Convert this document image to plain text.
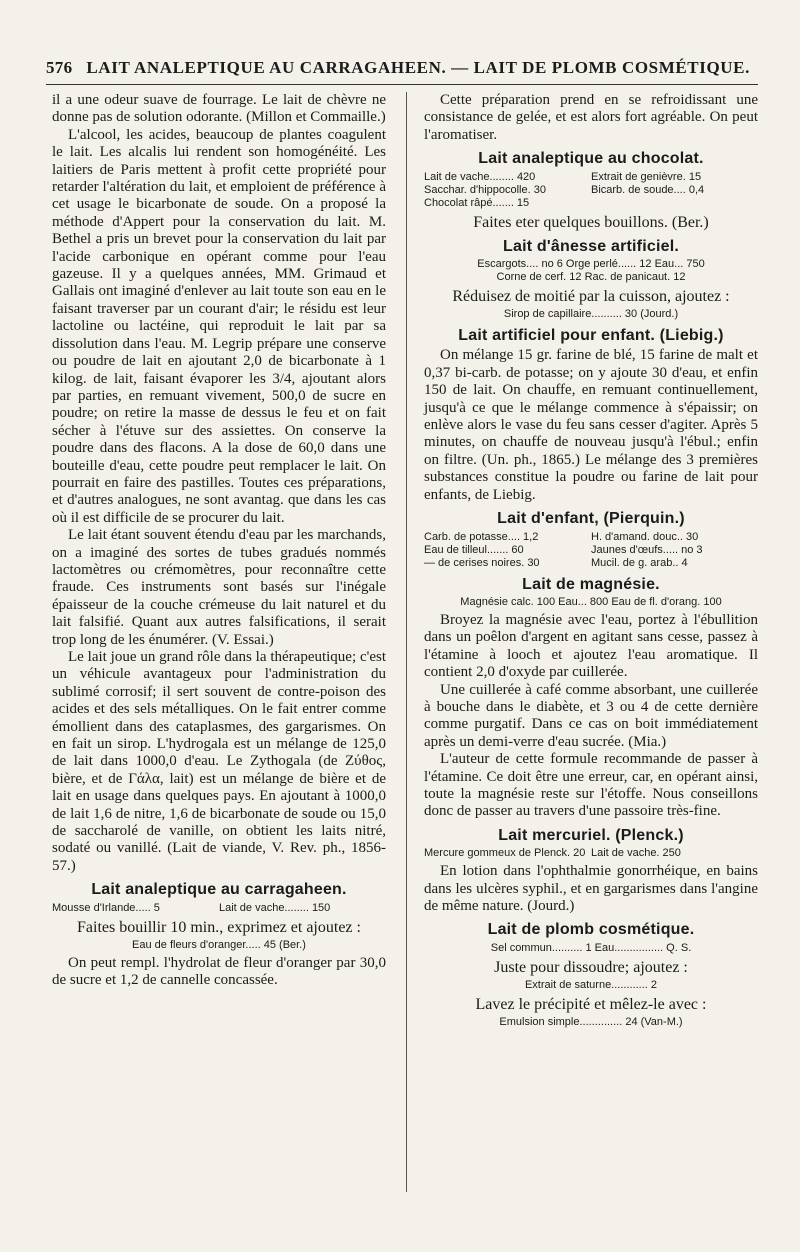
576 LAIT ANALEPTIQUE AU CARRAGAHEEN. — LAIT DE PLOMB COSMÉTIQUE.

il a une odeur suave de fourrage. Le lait de chèvre ne donne pas de solution odorante. (Millon et Commaille.)

L'alcool, les acides, beaucoup de plantes coagulent le lait. Les alcalis lui rendent son homogénéité. Les laitiers de Paris mettent à profit cette propriété pour retarder l'altération du lait, et emploient de préférence à cet usage le bicarbonate de soude. On a proposé la méthode d'Appert pour la conservation du lait. M. Bethel a pris un brevet pour la conservation du lait par l'acide carbonique en opérant comme pour l'eau gazeuse. Il y a quelques années, MM. Grimaud et Gallais ont imaginé d'enlever au lait toute son eau en le faisant traverser par un courant d'air; le résidu est leur lactoline ou lactéine, qui reproduit le lait par sa dissolution dans l'eau. M. Legrip prépare une conserve ou poudre de lait en ajoutant 2,0 de bicarbonate à 1 kilog. de lait, faisant évaporer les 3/4, ajoutant alors par parties, en remuant vivement, 500,0 de sucre en poudre; on retire la masse de dessus le feu et on fait sécher à l'étuve sur des assiettes. On conserve la poudre dans des flacons. A la dose de 60,0 dans une bouteille d'eau, cette poudre peut remplacer le lait. On pourrait en faire des pastilles. Toutes ces préparations, et d'autres analogues, ne sont avantag. que dans les cas où il est difficile de se procurer du lait.

Le lait étant souvent étendu d'eau par les marchands, on a imaginé des sortes de tubes gradués nommés lactomètres ou crémomètres, pour reconnaître cette fraude. Ces instruments sont basés sur l'inégale épaisseur de la couche crémeuse du lait naturel et du lait falsifié. Quant aux autres falsifications, il serait trop long de les énumérer. (V. Essai.)

Le lait joue un grand rôle dans la thérapeutique; c'est un véhicule avantageux pour l'administration du sublimé corrosif; il sert souvent de contre-poison des acides et des sels métalliques. On le fait entrer comme émollient dans des cataplasmes, des gargarismes. On en fait un sirop. L'hydrogala est un mélange de 125,0 de lait dans 1000,0 d'eau. Le Zythogala (de Ζύθος, bière, et de Γάλα, lait) est un mélange de bière et de lait en usage dans quelques pays. En ajoutant à 1000,0 de lait 1,6 de nitre, 1,6 de bicarbonate de soude ou 15,0 de saccharolé de vanille, on obtient les laits nitré, sodaté ou vanillé. (Lait de viande, V. Rev. ph., 1856-57.)

Lait analeptique au carragaheen.
Mousse d'Irlande..... 5	Lait de vache........ 150

Faites bouillir 10 min., exprimez et ajoutez :

Eau de fleurs d'oranger..... 45 (Ber.)

On peut rempl. l'hydrolat de fleur d'oranger par 30,0 de sucre et 1,2 de cannelle concassée.

Cette préparation prend en se refroidissant une consistance de gelée, et est alors fort agréable. On peut l'aromatiser.

Lait analeptique au chocolat.
Lait de vache........ 420	Extrait de genièvre. 15
Sacchar. d'hippocolle. 30	Bicarb. de soude.... 0,4
Chocolat râpé....... 15

Faites eter quelques bouillons. (Ber.)

Lait d'ânesse artificiel.
Escargots.... no 6 Orge perlé...... 12 Eau... 750
Corne de cerf. 12 Rac. de panicaut. 12

Réduisez de moitié par la cuisson, ajoutez :

Sirop de capillaire.......... 30 (Jourd.)
Lait artificiel pour enfant. (Liebig.)

On mélange 15 gr. farine de blé, 15 farine de malt et 0,37 bi-carb. de potasse; on y ajoute 30 d'eau, et enfin 150 de lait. On chauffe, en remuant continuellement, jusqu'à ce que le mélange commence à s'épaissir; on enlève alors le vase du feu sans cesser d'agiter. Après 5 minutes, on chauffe de nouveau jusqu'à l'ébul.; enfin on filtre. (Un. ph., 1865.) Le mélange des 3 premières substances constitue la poudre ou farine de lait pour enfants, de Liebig.

Lait d'enfant, (Pierquin.)
Carb. de potasse.... 1,2	H. d'amand. douc.. 30
Eau de tilleul....... 60	Jaunes d'œufs..... no 3
— de cerises noires. 30	Mucil. de g. arab.. 4
Lait de magnésie.
Magnésie calc. 100 Eau... 800 Eau de fl. d'orang. 100

Broyez la magnésie avec l'eau, portez à l'ébullition dans un poêlon d'argent en agitant sans cesse, passez à l'étamine à looch et ajoutez l'eau aromatique. Il contient 2,0 d'oxyde par cuillerée.

Une cuillerée à café comme absorbant, une cuillerée à bouche dans le diabète, et 3 ou 4 de cette dernière comme purgatif. Dans ce cas on boit immédiatement après un demi-verre d'eau sucrée. (Mia.)

L'auteur de cette formule recommande de passer à l'étamine. Ce doit être une erreur, car, en opérant ainsi, toute la magnésie reste sur l'étoffe. Nous conseillons donc de passer au travers d'une passoire très-fine.

Lait mercuriel. (Plenck.)
Mercure gommeux de Plenck. 20 Lait de vache. 250

En lotion dans l'ophthalmie gonorrhéique, en bains dans les ulcères syphil., et en gargarismes dans l'angine de même nature. (Jourd.)

Lait de plomb cosmétique.
Sel commun.......... 1 Eau................ Q. S.

Juste pour dissoudre; ajoutez :

Extrait de saturne............ 2

Lavez le précipité et mêlez-le avec :

Emulsion simple.............. 24 (Van-M.)
